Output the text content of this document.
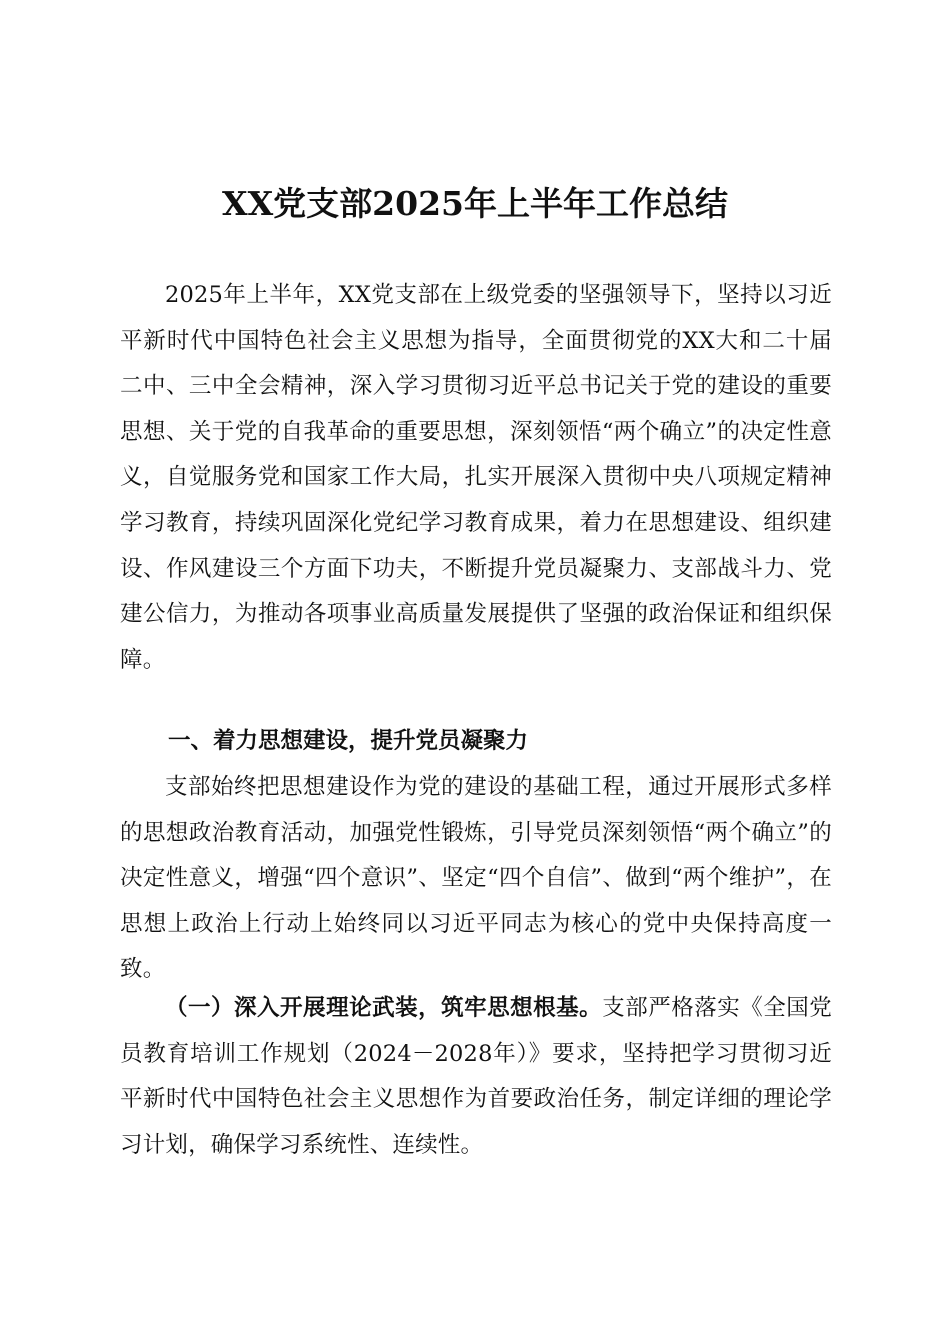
XX党支部2025年上半年工作总结
2025年上半年，XX党支部在上级党委的坚强领导下，坚持以习近平新时代中国特色社会主义思想为指导，全面贯彻党的XX大和二十届二中、三中全会精神，深入学习贯彻习近平总书记关于党的建设的重要思想、关于党的自我革命的重要思想，深刻领悟“两个确立”的决定性意义，自觉服务党和国家工作大局，扎实开展深入贯彻中央八项规定精神学习教育，持续巩固深化党纪学习教育成果，着力在思想建设、组织建设、作风建设三个方面下功夫，不断提升党员凝聚力、支部战斗力、党建公信力，为推动各项事业高质量发展提供了坚强的政治保证和组织保障。
一、着力思想建设，提升党员凝聚力
支部始终把思想建设作为党的建设的基础工程，通过开展形式多样的思想政治教育活动，加强党性锻炼，引导党员深刻领悟“两个确立”的决定性意义，增强“四个意识”、坚定“四个自信”、做到“两个维护”，在思想上政治上行动上始终同以习近平同志为核心的党中央保持高度一致。
（一）深入开展理论武装，筑牢思想根基。支部严格落实《全国党员教育培训工作规划（2024－2028年）》要求，坚持把学习贯彻习近平新时代中国特色社会主义思想作为首要政治任务，制定详细的理论学习计划，确保学习系统性、连续性。
